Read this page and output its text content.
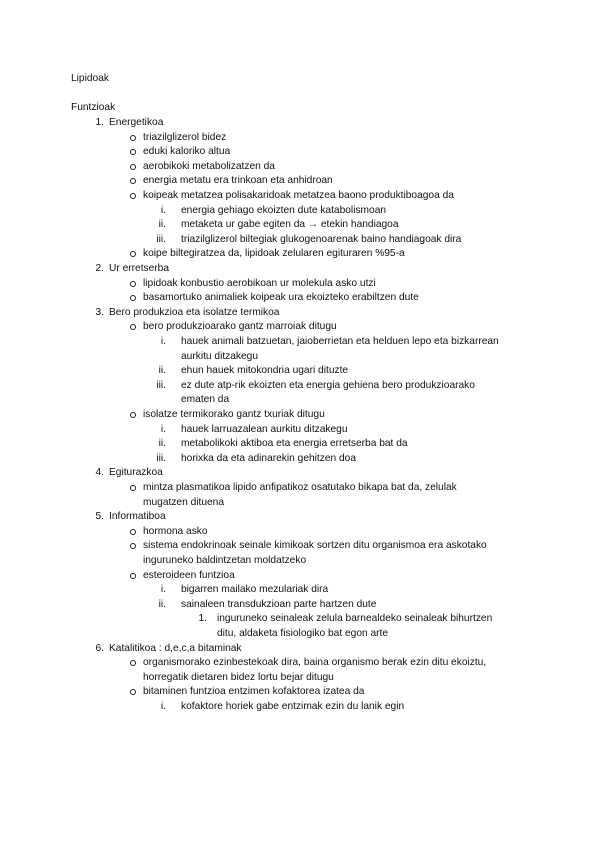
Lipidoak
Funtzioak
1. Energetikoa
triazilglizerol bidez
eduki kaloriko altua
aerobikoki metabolizatzen da
energia metatu era trinkoan eta anhidroan
koipeak metatzea polisakaridoak metatzea baono produktiboagoa da
i. energia gehiago ekoizten dute katabolismoan
ii. metaketa ur gabe egiten da → etekin handiagoa
iii. triazilglizerol biltegiak glukogenoarenak baino handiagoak dira
koipe biltegiratzea da, lipidoak zelularen egituraren %95-a
2. Ur erretserba
lipidoak konbustio aerobikoan ur molekula asko utzi
basamortuko animaliek koipeak ura ekoizteko erabiltzen dute
3. Bero produkzioa eta isolatze termikoa
bero produkzioarako gantz marroiak ditugu
i. hauek animali batzuetan, jaioberrietan eta helduen lepo eta bizkarrean
aurkitu ditzakegu
ii. ehun hauek mitokondria ugari dituzte
iii. ez dute atp-rik ekoizten eta energia gehiena bero produkzioarako
ematen da
isolatze termikorako gantz txuriak ditugu
i. hauek larruazalean aurkitu ditzakegu
ii. metabolikoki aktiboa eta energia erretserba bat da
iii. horixka da eta adinarekin gehitzen doa
4. Egiturazkoa
mintza plasmatikoa lipido anfipatikoz osatutako bikapa bat da, zelulak
mugatzen dituena
5. Informatiboa
hormona asko
sistema endokrinoak seinale kimikoak sortzen ditu organismoa era askotako
inguruneko baldintzetan moldatzeko
esteroideen funtzioa
i. bigarren mailako mezulariak dira
ii. sainaleen transdukzioan parte hartzen dute
1. inguruneko seinaleak zelula barnealdeko seinaleak bihurtzen
ditu, aldaketa fisiologiko bat egon arte
6. Katalitikoa : d,e,c,a bitaminak
organismorako ezinbestekoak dira, baina organismo berak ezin ditu ekoiztu,
horregatik dietaren bidez lortu bejar ditugu
bitaminen funtzioa entzimen kofaktorea izatea da
i. kofaktore horiek gabe entzimak ezin du lanik egin
